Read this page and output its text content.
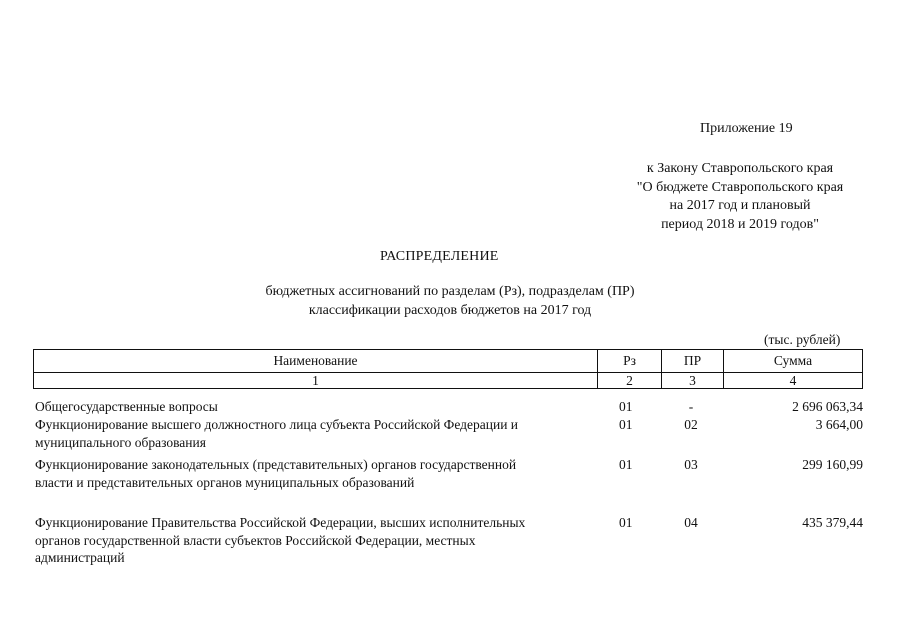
Приложение 19
к Закону Ставропольского края
"О бюджете Ставропольского края
на 2017 год и плановый
период 2018 и 2019 годов"
РАСПРЕДЕЛЕНИЕ
бюджетных ассигнований по разделам (Рз), подразделам (ПР)
классификации расходов бюджетов на 2017 год
(тыс. рублей)
Наименование	Рз	ПР	Сумма
1	2	3	4
Общегосударственные вопросы	01	-	2 696 063,34
Функционирование высшего должностного лица субъекта Российской Федерации и
муниципального образования
01	02	3 664,00
Функционирование законодательных (представительных) органов государственной
власти и представительных органов муниципальных образований
01	03	299 160,99
Функционирование Правительства Российской Федерации, высших исполнительных
органов государственной власти субъектов Российской Федерации, местных
администраций
01	04	435 379,44
